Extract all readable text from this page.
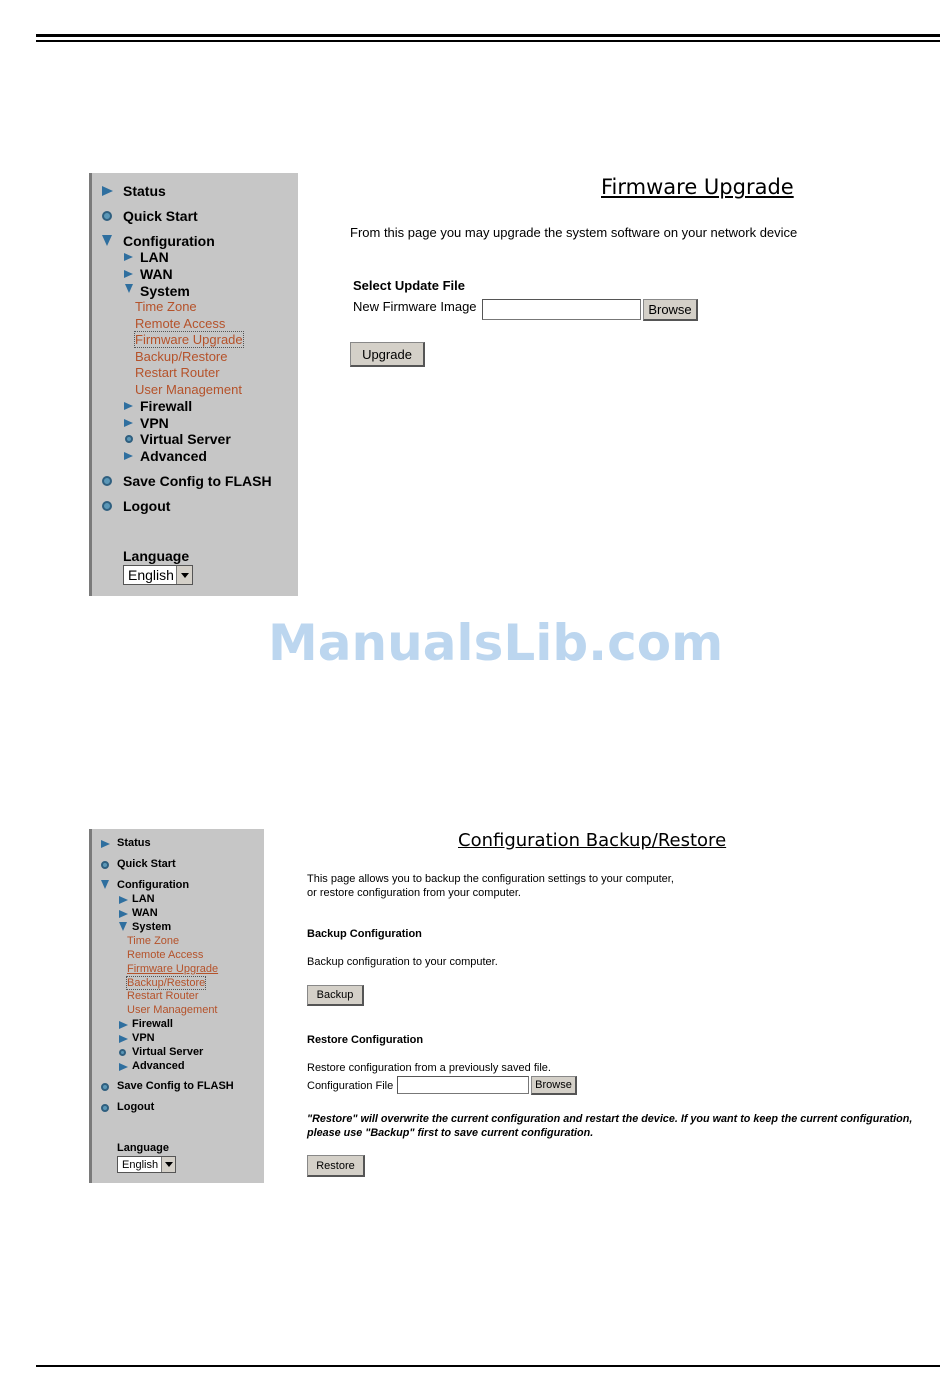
Status
Quick Start
Configuration
LAN
WAN
System
Time Zone
Remote Access
Firmware Upgrade
Backup/Restore
Restart Router
User Management
Firewall
VPN
Virtual Server
Advanced
Save Config to FLASH
Logout
Language
English
Firmware Upgrade
From this page you may upgrade the system software on your network device
Select Update File
New Firmware Image	Browse
Upgrade
ManualsLib.com
Status
Quick Start
Configuration
LAN
WAN
System
Time Zone
Remote Access
Firmware Upgrade
Backup/Restore
Restart Router
User Management
Firewall
VPN
Virtual Server
Advanced
Save Config to FLASH
Logout
Language
English
Configuration Backup/Restore
This page allows you to backup the configuration settings to your computer,
or restore configuration from your computer.
Backup Configuration
Backup configuration to your computer.
Backup
Restore Configuration
Restore configuration from a previously saved file.
Configuration File	Browse
"Restore" will overwrite the current configuration and restart the device. If you want to keep the current configuration,
please use "Backup" first to save current configuration.
Restore
